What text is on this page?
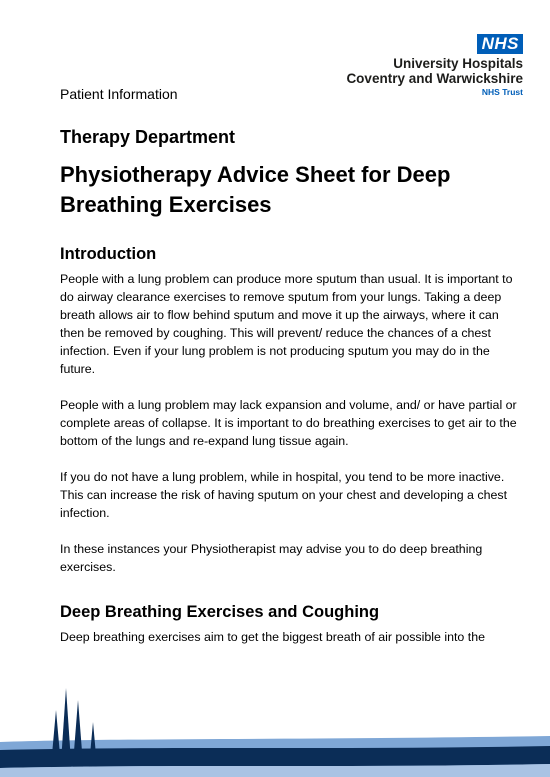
NHS
University Hospitals
Coventry and Warwickshire
NHS Trust
Patient Information
Therapy Department
Physiotherapy Advice Sheet for Deep Breathing Exercises
Introduction

People with a lung problem can produce more sputum than usual. It is important to do airway clearance exercises to remove sputum from your lungs. Taking a deep breath allows air to flow behind sputum and move it up the airways, where it can then be removed by coughing. This will prevent/ reduce the chances of a chest infection. Even if your lung problem is not producing sputum you may do in the future.

People with a lung problem may lack expansion and volume, and/ or have partial or complete areas of collapse. It is important to do breathing exercises to get air to the bottom of the lungs and re-expand lung tissue again.

If you do not have a lung problem, while in hospital, you tend to be more inactive. This can increase the risk of having sputum on your chest and developing a chest infection.

In these instances your Physiotherapist may advise you to do deep breathing exercises.

Deep Breathing Exercises and Coughing

Deep breathing exercises aim to get the biggest breath of air possible into the
